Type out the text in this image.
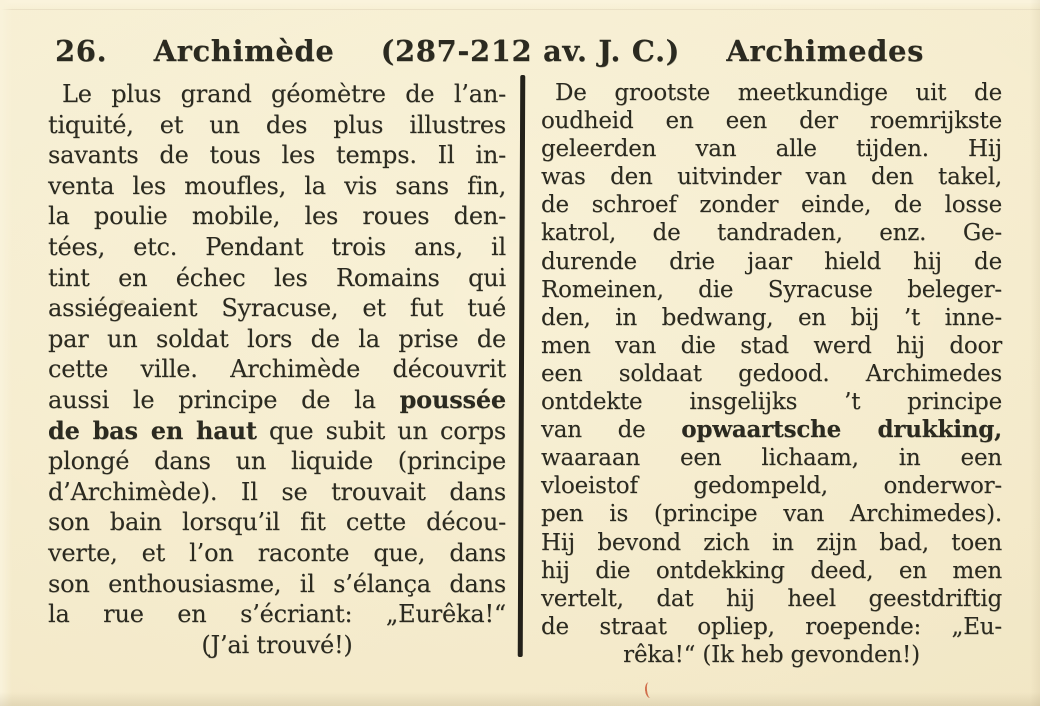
26. Archimède (287-212 av. J. C.) Archimedes
Le plus grand géomètre de l’an-
tiquité, et un des plus illustres
savants de tous les temps. Il in-
venta les moufles, la vis sans fin,
la poulie mobile, les roues den-
tées, etc. Pendant trois ans, il
tint en échec les Romains qui
assiégeaient Syracuse, et fut tué
par un soldat lors de la prise de
cette ville. Archimède découvrit
aussi le principe de la poussée
de bas en haut que subit un corps
plongé dans un liquide (principe
d’Archimède). Il se trouvait dans
son bain lorsqu’il fit cette décou-
verte, et l’on raconte que, dans
son enthousiasme, il s’élança dans
la rue en s’écriant: „Eurêka!“
(J’ai trouvé!)
De grootste meetkundige uit de
oudheid en een der roemrijkste
geleerden van alle tijden. Hij
was den uitvinder van den takel,
de schroef zonder einde, de losse
katrol, de tandraden, enz. Ge-
durende drie jaar hield hij de
Romeinen, die Syracuse beleger-
den, in bedwang, en bij ’t inne-
men van die stad werd hij door
een soldaat gedood. Archimedes
ontdekte insgelijks ’t principe
van de opwaartsche drukking,
waaraan een lichaam, in een
vloeistof gedompeld, onderwor-
pen is (principe van Archimedes).
Hij bevond zich in zijn bad, toen
hij die ontdekking deed, en men
vertelt, dat hij heel geestdriftig
de straat opliep, roepende: „Eu-
rêka!“ (Ik heb gevonden!)
